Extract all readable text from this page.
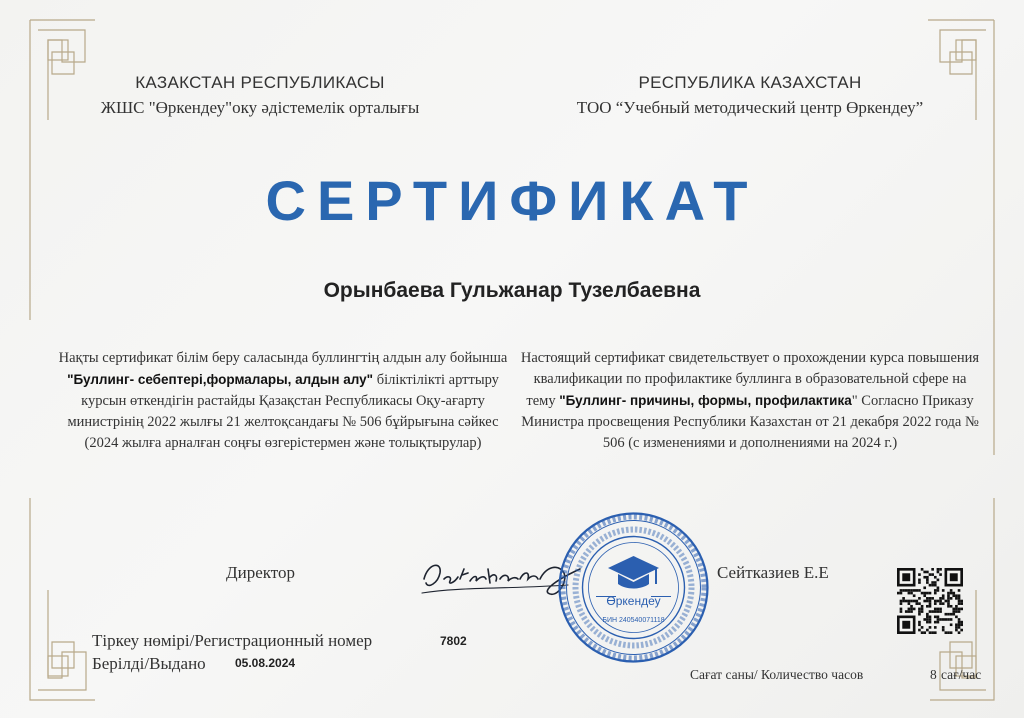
КАЗАКСТАН РЕСПУБЛИКАСЫ
ЖШС "Өркендеу"оку әдістемелік орталығы
РЕСПУБЛИКА КАЗАХСТАН
ТОО “Учебный методический центр Өркендеу”
СЕРТИФИКАТ
Орынбаева Гульжанар Тузелбаевна
Нақты сертификат білім беру саласында буллингтің алдын алу бойынша "Буллинг- себептері,формалары, алдын алу" біліктілікті арттыру курсын өткендігін растайды Қазақстан Республикасы Оқу-ағарту министрінің 2022 жылғы 21 желтоқсандағы № 506 бұйрығына сәйкес (2024 жылға арналған соңғы өзгерістермен және толықтырулар)
Настоящий сертификат свидетельствует о прохождении курса повышения квалификации по профилактике буллинга в образовательной сфере на тему "Буллинг- причины, формы, профилактика" Согласно Приказу Министра просвещения Республики Казахстан от 21 декабря 2022 года № 506 (с изменениями и дополнениями на 2024 г.)
Директор
Өркендеу
БИН 240540071118
Сейтказиев Е.Е
Тіркеу нөмірі/Регистрационный номер	7802
Берілді/Выдано 05.08.2024
Сағат саны/ Количество часов	8 сағ/час
